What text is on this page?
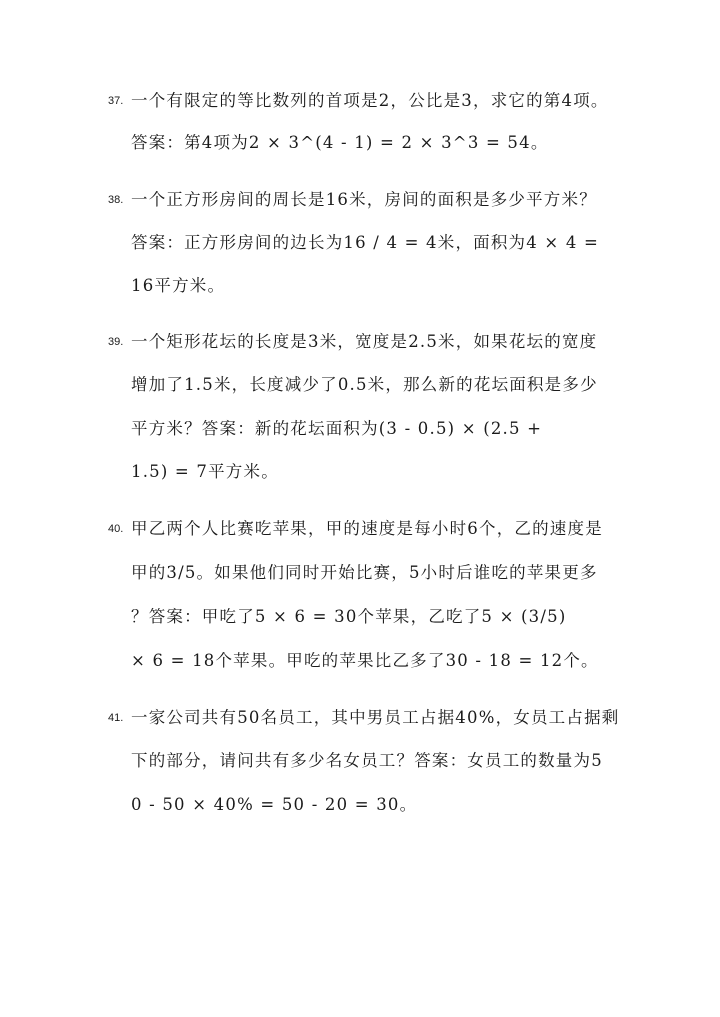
37. 一个有限定的等比数列的首项是2，公比是3，求它的第4项。
答案：第4项为2 × 3^(4 - 1) = 2 × 3^3 = 54。
38. 一个正方形房间的周长是16米，房间的面积是多少平方米？
答案：正方形房间的边长为16 / 4 = 4米，面积为4 × 4 =
16平方米。
39. 一个矩形花坛的长度是3米，宽度是2.5米，如果花坛的宽度
增加了1.5米，长度减少了0.5米，那么新的花坛面积是多少
平方米？答案：新的花坛面积为(3 - 0.5) × (2.5 +
1.5) = 7平方米。
40. 甲乙两个人比赛吃苹果，甲的速度是每小时6个，乙的速度是
甲的3/5。如果他们同时开始比赛，5小时后谁吃的苹果更多
？答案：甲吃了5 × 6 = 30个苹果，乙吃了5 × (3/5)
× 6 = 18个苹果。甲吃的苹果比乙多了30 - 18 = 12个。
41. 一家公司共有50名员工，其中男员工占据40%，女员工占据剩
下的部分，请问共有多少名女员工？答案：女员工的数量为5
0 - 50 × 40% = 50 - 20 = 30。
